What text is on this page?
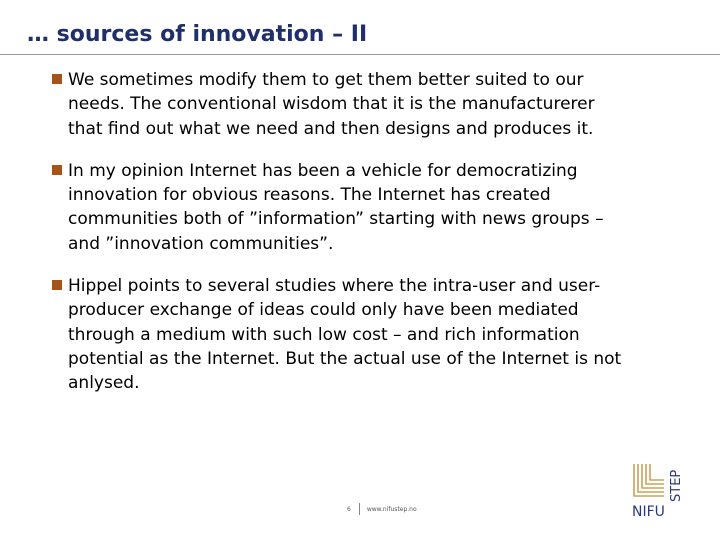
… sources of innovation – II
We sometimes modify them to get them better suited to our needs. The conventional wisdom that it is the manufacturerer that find out what we need and then designs and produces it.
In my opinion Internet has been a vehicle for democratizing innovation for obvious reasons. The Internet has created communities both of ”information” starting with news groups – and ”innovation communities”.
Hippel points to several studies where the intra-user and user-producer exchange of ideas could only have been mediated through a medium with such low cost – and rich information potential as the Internet. But the actual use of the Internet is not anlysed.
6	www.nifustep.no	NIFU
STEP
